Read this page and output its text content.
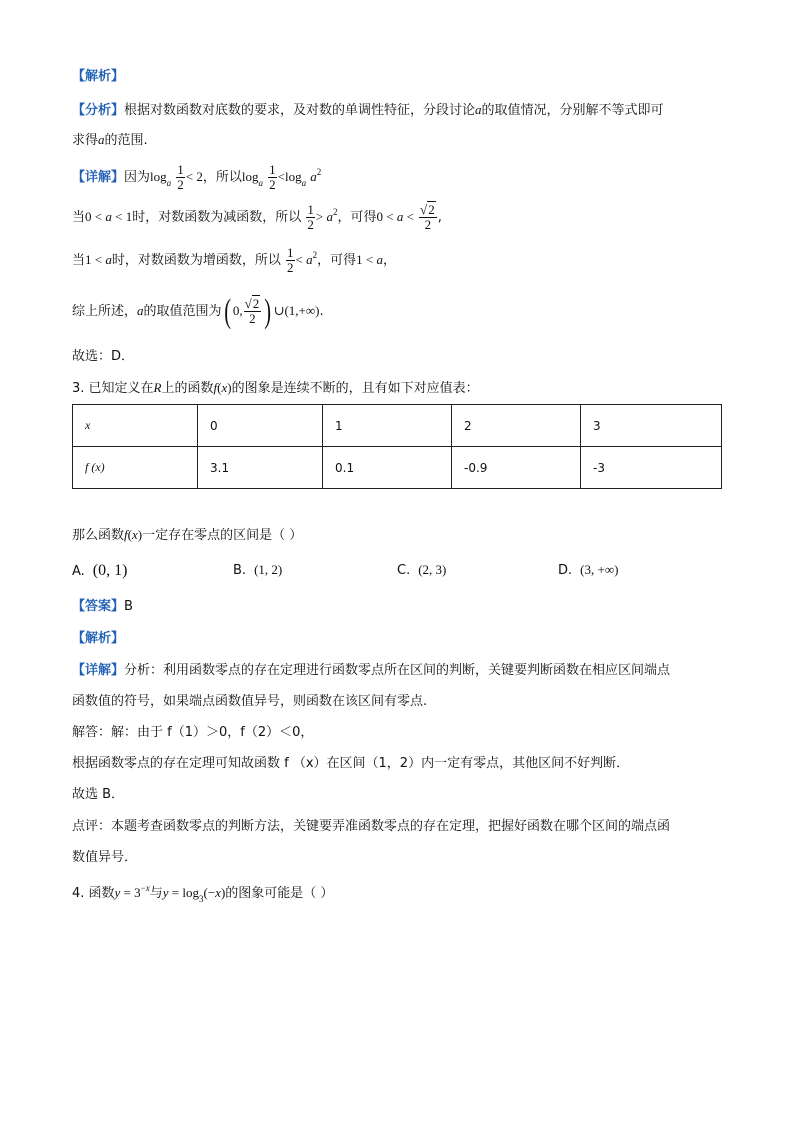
【解析】
【分析】根据对数函数对底数的要求，及对数的单调性特征，分段讨论a的取值情况，分别解不等式即可
求得a的范围.
【详解】因为$\log_a \frac{1}{2} < 2$，所以$\log_a \frac{1}{2} <\log_a$ $a^2$
当0 < a < 1时，对数函数为减函数，所以 $\frac{1}{2} > a^2$，可得$0 < a < \frac{√2}{2}$ ,
当1 < a时，对数函数为增函数，所以 $\frac{1}{2} < a^2$，可得1 < a，
综上所述，a的取值范围为( 0, $\frac{√2}{2}$ ) ∪(1,+∞).
故选：D．
3. 已知定义在R上的函数f(x)的图象是连续不断的，且有如下对应值表：
x	0	1	2	3
f (x)	3.1	0.1	-0.9	-3
那么函数f(x)一定存在零点的区间是（ ）
A. (0, 1)	B. (1, 2)	C. (2, 3)	D. (3, +∞)
【答案】B
【解析】
【详解】分析：利用函数零点的存在定理进行函数零点所在区间的判断，关键要判断函数在相应区间端点
函数值的符号，如果端点函数值异号，则函数在该区间有零点.
解答：解：由于 f（1）＞0，f（2）＜0，
根据函数零点的存在定理可知故函数 f （x）在区间（1，2）内一定有零点，其他区间不好判断．
故选 B．
点评：本题考查函数零点的判断方法，关键要弄准函数零点的存在定理，把握好函数在哪个区间的端点函
数值异号．
4. 函数$y = 3^{-x}$与$y = \log_3(-x)$的图象可能是（ ）
